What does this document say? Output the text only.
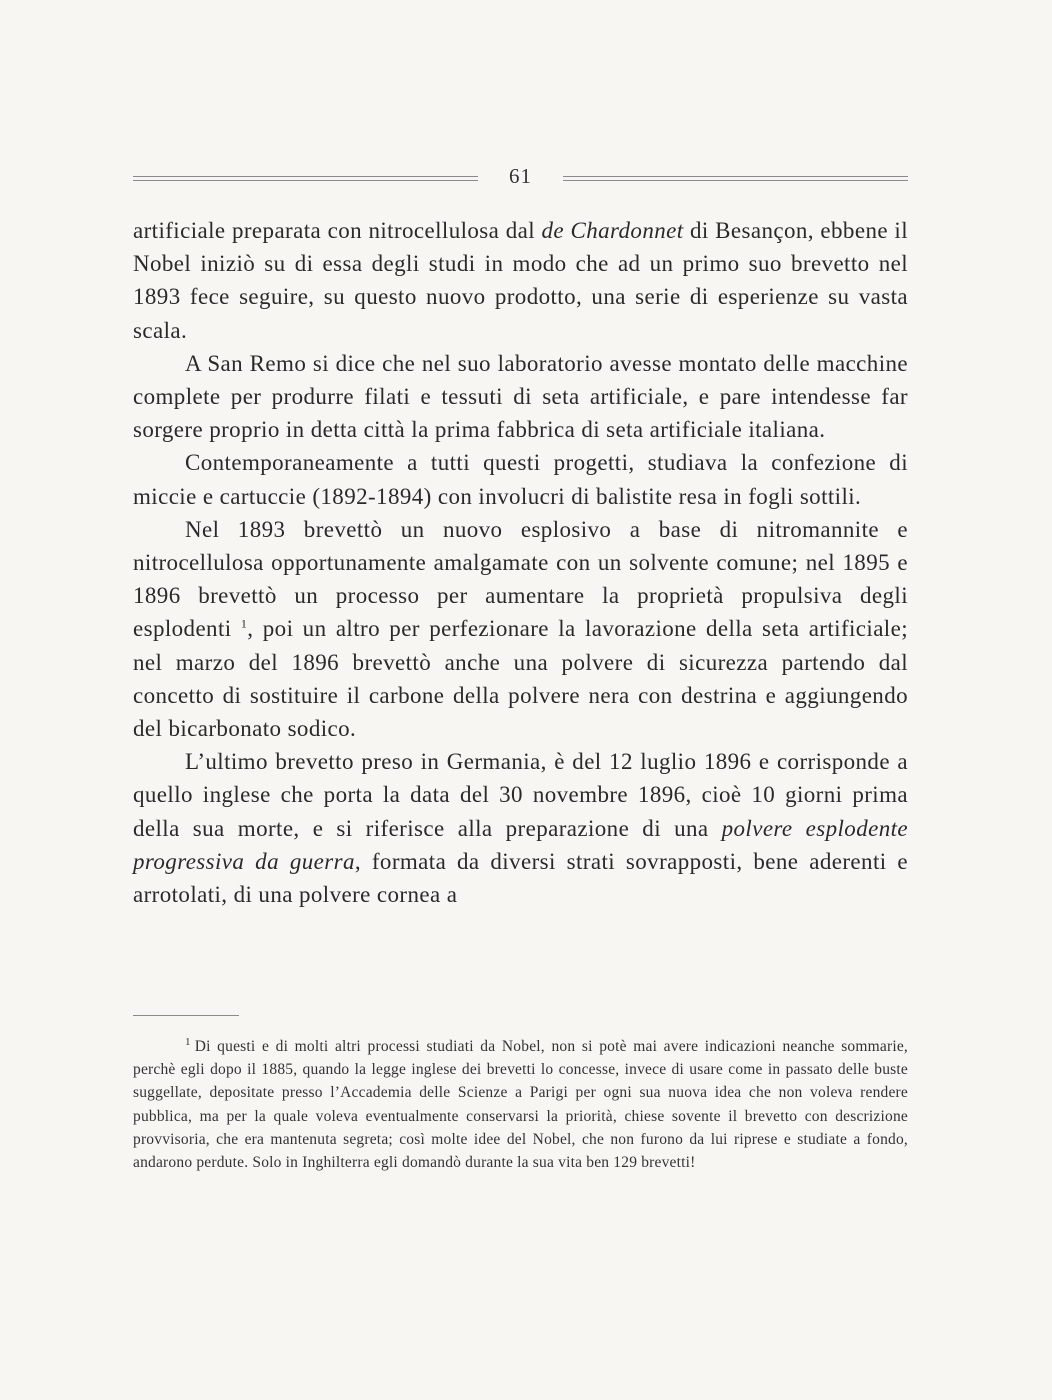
61

artificiale preparata con nitrocellulosa dal de Chardonnet di Besançon, ebbene il Nobel iniziò su di essa degli studi in modo che ad un primo suo brevetto nel 1893 fece seguire, su questo nuovo prodotto, una serie di esperienze su vasta scala.

A San Remo si dice che nel suo laboratorio avesse montato delle macchine complete per produrre filati e tessuti di seta artificiale, e pare intendesse far sorgere proprio in detta città la prima fabbrica di seta artificiale italiana.

Contemporaneamente a tutti questi progetti, studiava la confezione di miccie e cartuccie (1892-1894) con involucri di balistite resa in fogli sottili.

Nel 1893 brevettò un nuovo esplosivo a base di nitromannite e nitrocellulosa opportunamente amalgamate con un solvente comune; nel 1895 e 1896 brevettò un processo per aumentare la proprietà propulsiva degli esplodenti $^1$, poi un altro per perfezionare la lavorazione della seta artificiale; nel marzo del 1896 brevettò anche una polvere di sicurezza partendo dal concetto di sostituire il carbone della polvere nera con destrina e aggiungendo del bicarbonato sodico.

L’ultimo brevetto preso in Germania, è del 12 luglio 1896 e corrisponde a quello inglese che porta la data del 30 novembre 1896, cioè 10 giorni prima della sua morte, e si riferisce alla preparazione di una polvere esplodente progressiva da guerra, formata da diversi strati sovrapposti, bene aderenti e arrotolati, di una polvere cornea a

$^1$ Di questi e di molti altri processi studiati da Nobel, non si potè mai avere indicazioni neanche sommarie, perchè egli dopo il 1885, quando la legge inglese dei brevetti lo concesse, invece di usare come in passato delle buste suggellate, depositate presso l’Accademia delle Scienze a Parigi per ogni sua nuova idea che non voleva rendere pubblica, ma per la quale voleva eventualmente conservarsi la priorità, chiese sovente il brevetto con descrizione provvisoria, che era mantenuta segreta; così molte idee del Nobel, che non furono da lui riprese e studiate a fondo, andarono perdute. Solo in Inghilterra egli domandò durante la sua vita ben 129 brevetti!
